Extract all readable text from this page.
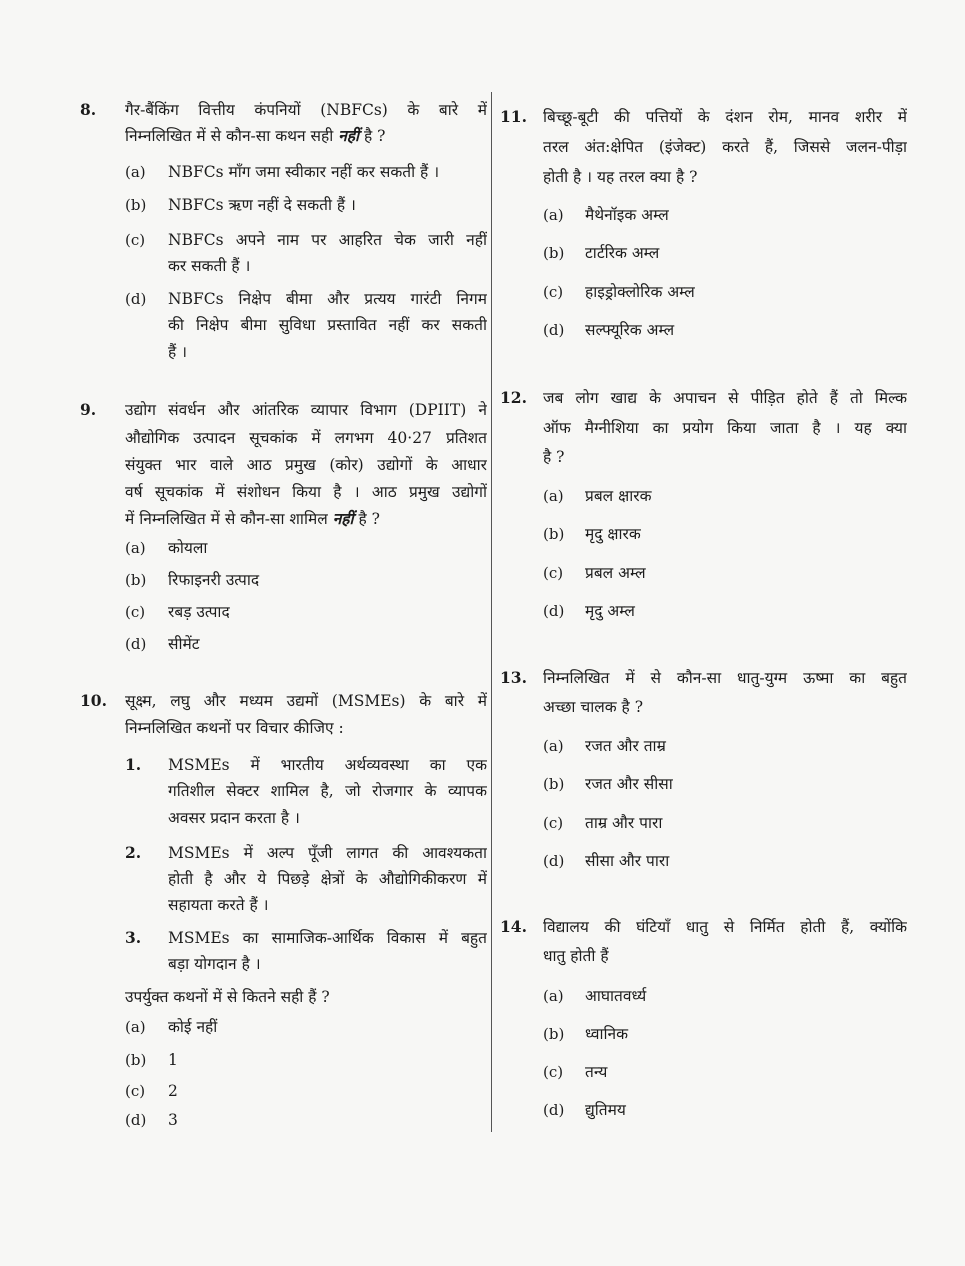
8. गैर-बैंकिंग वित्तीय कंपनियों (NBFCs) के बारे में
निम्नलिखित में से कौन-सा कथन सही नहीं है ?
(a) NBFCs माँग जमा स्वीकार नहीं कर सकती हैं ।
(b) NBFCs ऋण नहीं दे सकती हैं ।
(c) NBFCs अपने नाम पर आहरित चेक जारी नहीं
कर सकती हैं ।
(d) NBFCs निक्षेप बीमा और प्रत्यय गारंटी निगम
की निक्षेप बीमा सुविधा प्रस्तावित नहीं कर सकती
हैं ।
9. उद्योग संवर्धन और आंतरिक व्यापार विभाग (DPIIT) ने
औद्योगिक उत्पादन सूचकांक में लगभग 40·27 प्रतिशत
संयुक्त भार वाले आठ प्रमुख (कोर) उद्योगों के आधार
वर्ष सूचकांक में संशोधन किया है । आठ प्रमुख उद्योगों
में निम्नलिखित में से कौन-सा शामिल नहीं है ?
(a) कोयला
(b) रिफाइनरी उत्पाद
(c) रबड़ उत्पाद
(d) सीमेंट
10. सूक्ष्म, लघु और मध्यम उद्यमों (MSMEs) के बारे में
निम्नलिखित कथनों पर विचार कीजिए :
1. MSMEs में भारतीय अर्थव्यवस्था का एक
गतिशील सेक्टर शामिल है, जो रोजगार के व्यापक
अवसर प्रदान करता है ।
2. MSMEs में अल्प पूँजी लागत की आवश्यकता
होती है और ये पिछड़े क्षेत्रों के औद्योगिकीकरण में
सहायता करते हैं ।
3. MSMEs का सामाजिक-आर्थिक विकास में बहुत
बड़ा योगदान है ।
उपर्युक्त कथनों में से कितने सही हैं ?
(a) कोई नहीं
(b) 1
(c) 2
(d) 3
11. बिच्छू-बूटी की पत्तियों के दंशन रोम, मानव शरीर में
तरल अंत:क्षेपित (इंजेक्ट) करते हैं, जिससे जलन-पीड़ा
होती है । यह तरल क्या है ?
(a) मैथेनॉइक अम्ल
(b) टार्टरिक अम्ल
(c) हाइड्रोक्लोरिक अम्ल
(d) सल्फ्यूरिक अम्ल
12. जब लोग खाद्य के अपाचन से पीड़ित होते हैं तो मिल्क
ऑफ मैग्नीशिया का प्रयोग किया जाता है । यह क्या
है ?
(a) प्रबल क्षारक
(b) मृदु क्षारक
(c) प्रबल अम्ल
(d) मृदु अम्ल
13. निम्नलिखित में से कौन-सा धातु-युग्म ऊष्मा का बहुत
अच्छा चालक है ?
(a) रजत और ताम्र
(b) रजत और सीसा
(c) ताम्र और पारा
(d) सीसा और पारा
14. विद्यालय की घंटियाँ धातु से निर्मित होती हैं, क्योंकि
धातु होती हैं
(a) आघातवर्ध्य
(b) ध्वानिक
(c) तन्य
(d) द्युतिमय
